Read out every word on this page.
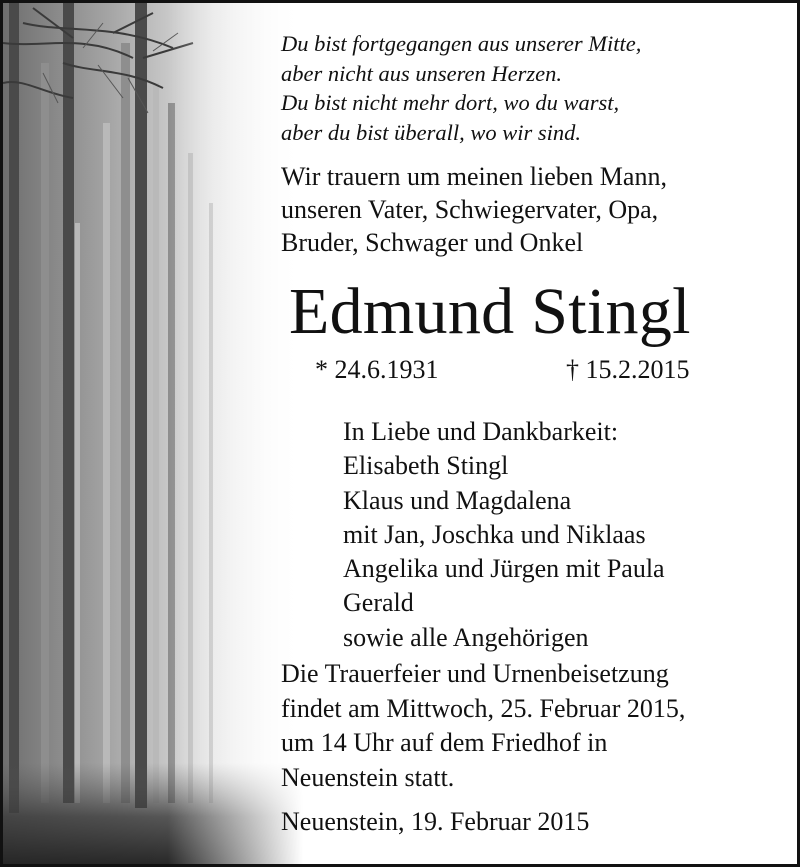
Du bist fortgegangen aus unserer Mitte,
aber nicht aus unseren Herzen.
Du bist nicht mehr dort, wo du warst,
aber du bist überall, wo wir sind.
Wir trauern um meinen lieben Mann,
unseren Vater, Schwiegervater, Opa,
Bruder, Schwager und Onkel
Edmund Stingl
* 24.6.1931	† 15.2.2015
In Liebe und Dankbarkeit:
Elisabeth Stingl
Klaus und Magdalena
mit Jan, Joschka und Niklaas
Angelika und Jürgen mit Paula
Gerald
sowie alle Angehörigen
Die Trauerfeier und Urnenbeisetzung
findet am Mittwoch, 25. Februar 2015,
um 14 Uhr auf dem Friedhof in
Neuenstein statt.
Neuenstein, 19. Februar 2015
